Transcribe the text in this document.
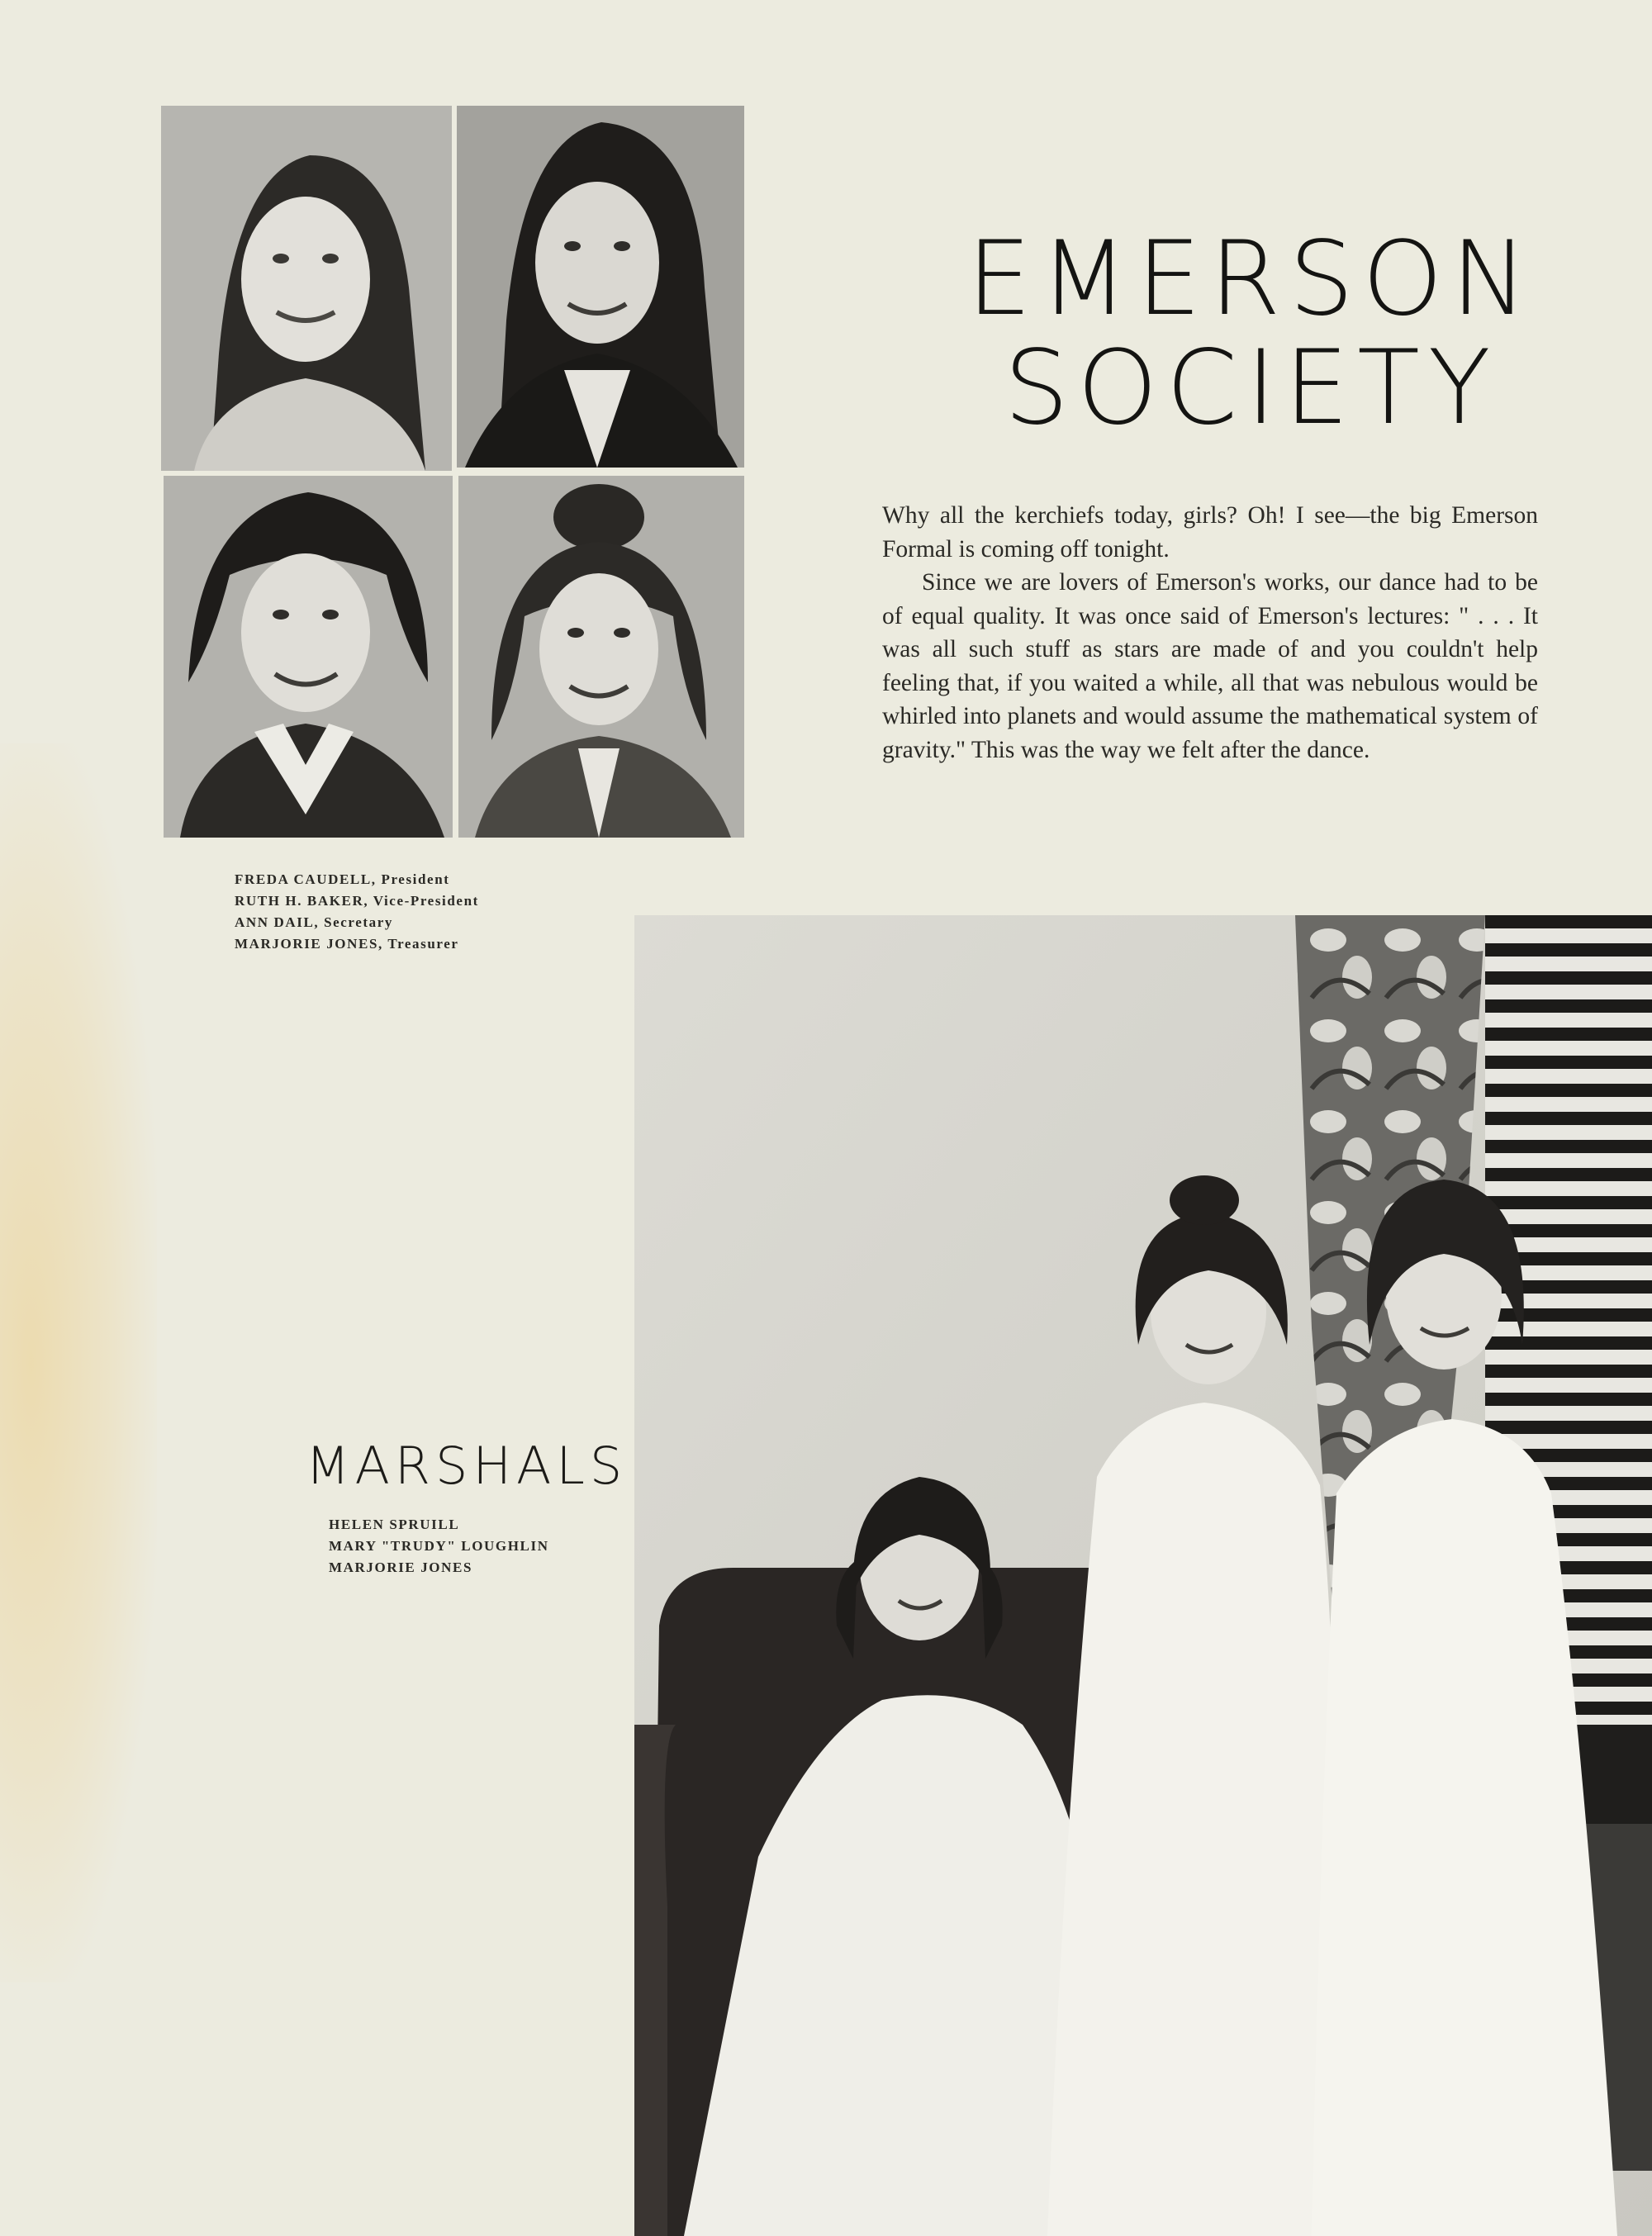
EMERSON
SOCIETY

Why all the kerchiefs today, girls? Oh! I see—the big Emerson Formal is coming off tonight.

Since we are lovers of Emerson's works, our dance had to be of equal quality. It was once said of Emerson's lectures: " . . . It was all such stuff as stars are made of and you couldn't help feeling that, if you waited a while, all that was nebulous would be whirled into planets and would assume the mathematical system of gravity." This was the way we felt after the dance.

FREDA CAUDELL, President
RUTH H. BAKER, Vice-President
ANN DAIL, Secretary
MARJORIE JONES, Treasurer
MARSHALS
HELEN SPRUILL
MARY "TRUDY" LOUGHLIN
MARJORIE JONES
